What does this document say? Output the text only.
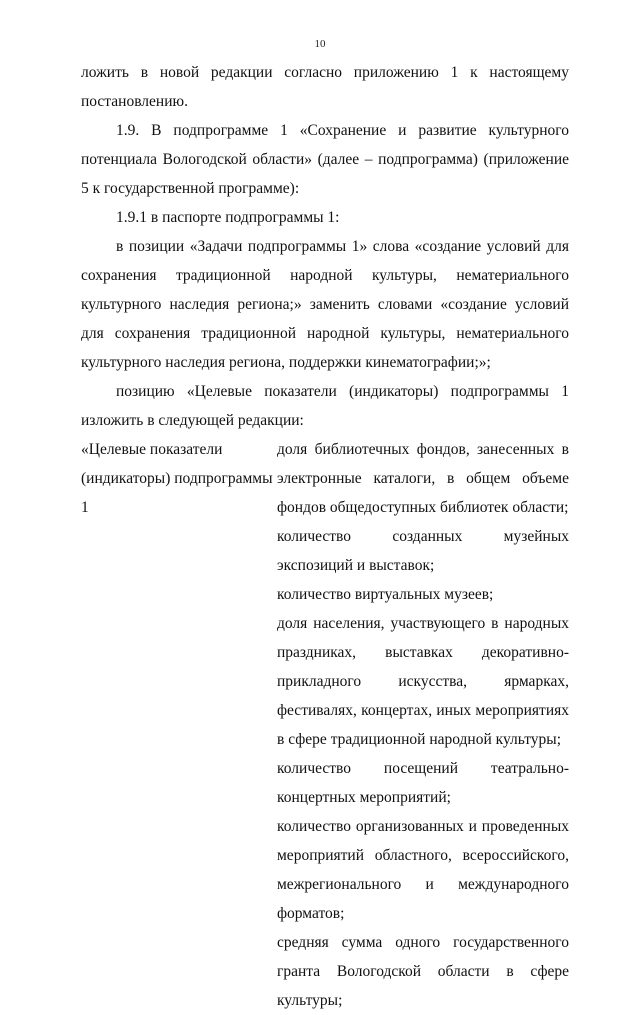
10

ложить в новой редакции согласно приложению 1 к настоящему постановлению.

1.9. В подпрограмме 1 «Сохранение и развитие культурного потенциала Вологодской области» (далее – подпрограмма) (приложение 5 к государственной программе):

1.9.1 в паспорте подпрограммы 1:

в позиции «Задачи подпрограммы 1» слова «создание условий для сохранения традиционной народной культуры, нематериального культурного наследия региона;» заменить словами «создание условий для сохранения традиционной народной культуры, нематериального культурного наследия региона, поддержки кинематографии;»;

позицию «Целевые показатели (индикаторы) подпрограммы 1 изложить в следующей редакции:

«Целевые показатели (индикаторы) подпрограммы 1

доля библиотечных фондов, занесенных в электронные каталоги, в общем объеме фондов общедоступных библиотек области;

количество созданных музейных экспозиций и выставок;

количество виртуальных музеев;

доля населения, участвующего в народных праздниках, выставках декоративно-прикладного искусства, ярмарках, фестивалях, концертах, иных мероприятиях в сфере традиционной народной культуры;

количество посещений театрально-концертных мероприятий;

количество организованных и проведенных мероприятий областного, всероссийского, межрегионального и международного форматов;

средняя сумма одного государственного гранта Вологодской области в сфере культуры;
